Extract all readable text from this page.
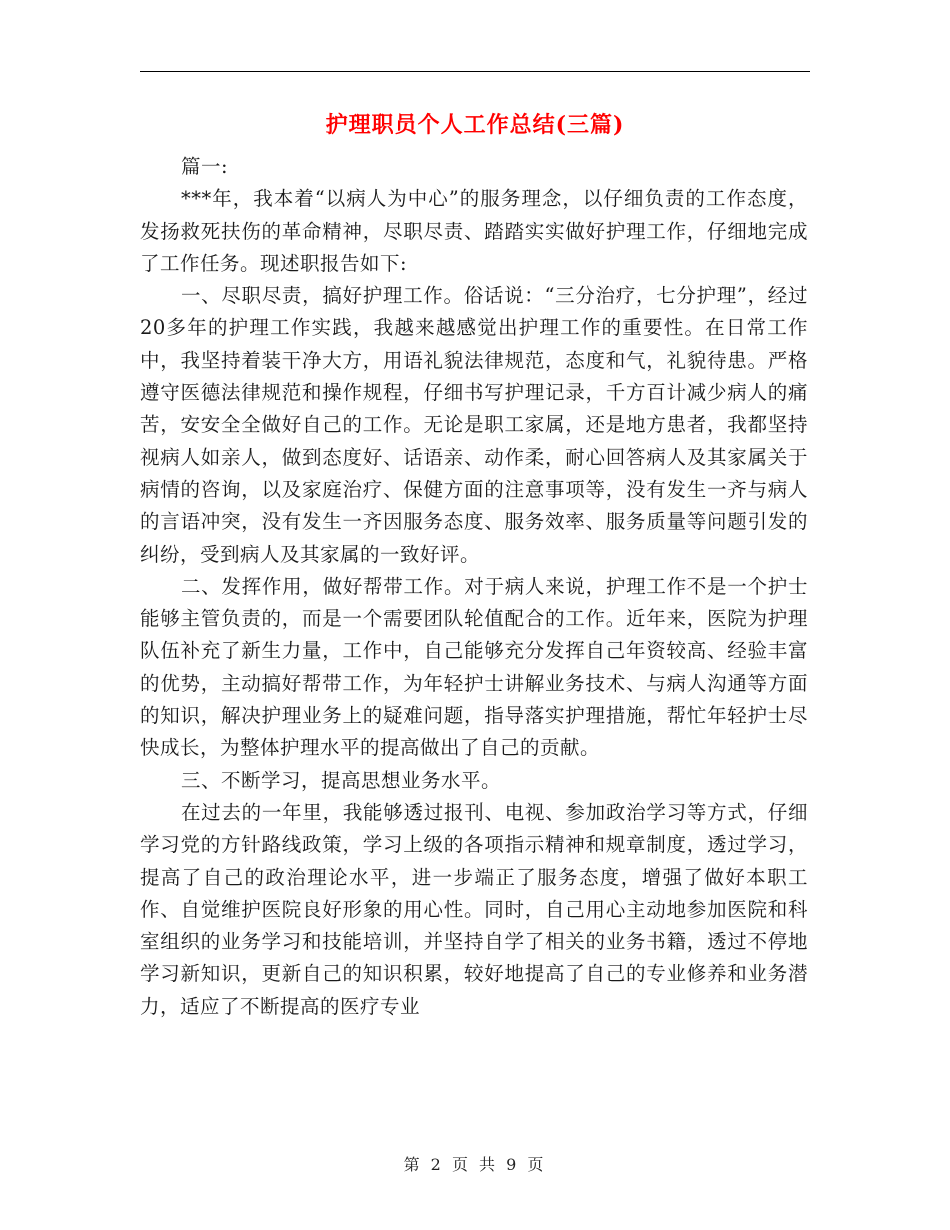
护理职员个人工作总结(三篇)

篇一:

***年，我本着“以病人为中心”的服务理念，以仔细负责的工作态度，发扬救死扶伤的革命精神，尽职尽责、踏踏实实做好护理工作，仔细地完成了工作任务。现述职报告如下:

一、尽职尽责，搞好护理工作。俗话说：“三分治疗，七分护理”，经过20多年的护理工作实践，我越来越感觉出护理工作的重要性。在日常工作中，我坚持着装干净大方，用语礼貌法律规范，态度和气，礼貌待患。严格遵守医德法律规范和操作规程，仔细书写护理记录，千方百计减少病人的痛苦，安安全全做好自己的工作。无论是职工家属，还是地方患者，我都坚持视病人如亲人，做到态度好、话语亲、动作柔，耐心回答病人及其家属关于病情的咨询，以及家庭治疗、保健方面的注意事项等，没有发生一齐与病人的言语冲突，没有发生一齐因服务态度、服务效率、服务质量等问题引发的纠纷，受到病人及其家属的一致好评。

二、发挥作用，做好帮带工作。对于病人来说，护理工作不是一个护士能够主管负责的，而是一个需要团队轮值配合的工作。近年来，医院为护理队伍补充了新生力量，工作中，自己能够充分发挥自己年资较高、经验丰富的优势，主动搞好帮带工作，为年轻护士讲解业务技术、与病人沟通等方面的知识，解决护理业务上的疑难问题，指导落实护理措施，帮忙年轻护士尽快成长，为整体护理水平的提高做出了自己的贡献。

三、不断学习，提高思想业务水平。

在过去的一年里，我能够透过报刊、电视、参加政治学习等方式，仔细学习党的方针路线政策，学习上级的各项指示精神和规章制度，透过学习，提高了自己的政治理论水平，进一步端正了服务态度，增强了做好本职工作、自觉维护医院良好形象的用心性。同时，自己用心主动地参加医院和科室组织的业务学习和技能培训，并坚持自学了相关的业务书籍，透过不停地学习新知识，更新自己的知识积累，较好地提高了自己的专业修养和业务潜力，适应了不断提高的医疗专业

第 2 页 共 9 页
